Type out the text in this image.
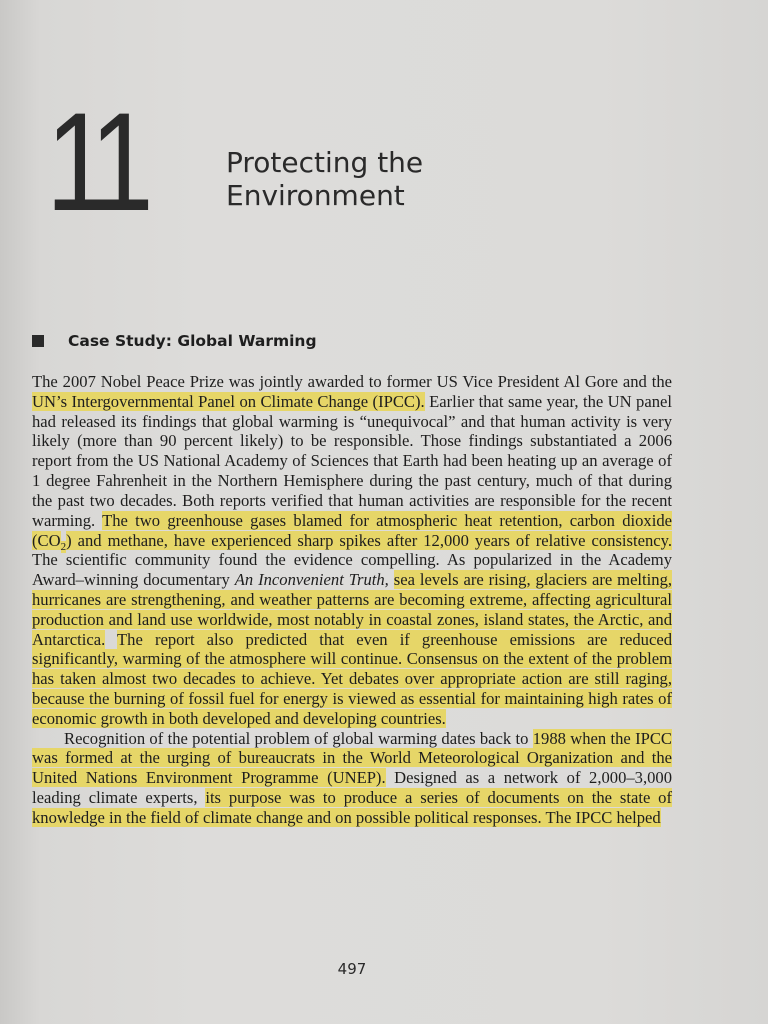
11	Protecting the
Environment
Case Study: Global Warming

The 2007 Nobel Peace Prize was jointly awarded to former US Vice President Al Gore and the UN’s Intergovernmental Panel on Climate Change (IPCC). Earlier that same year, the UN panel had released its findings that global warming is “unequivocal” and that human activity is very likely (more than 90 percent likely) to be responsible. Those findings substantiated a 2006 report from the US National Academy of Sciences that Earth had been heating up an average of 1 degree Fahrenheit in the Northern Hemisphere during the past century, much of that during the past two decades. Both reports verified that human activities are responsible for the recent warming. The two greenhouse gases blamed for atmospheric heat retention, carbon dioxide $(CO_2)$ and methane, have experienced sharp spikes after 12,000 years of relative consistency. The scientific community found the evidence compelling. As popularized in the Academy Award–winning documentary An Inconvenient Truth, sea levels are rising, glaciers are melting, hurricanes are strengthening, and weather patterns are becoming extreme, affecting agricultural production and land use worldwide, most notably in coastal zones, island states, the Arctic, and Antarctica. The report also predicted that even if greenhouse emissions are reduced significantly, warming of the atmosphere will continue. Consensus on the extent of the problem has taken almost two decades to achieve. Yet debates over appropriate action are still raging, because the burning of fossil fuel for energy is viewed as essential for maintaining high rates of economic growth in both developed and developing countries.

Recognition of the potential problem of global warming dates back to 1988 when the IPCC was formed at the urging of bureaucrats in the World Meteorological Organization and the United Nations Environment Programme (UNEP). Designed as a network of 2,000–3,000 leading climate experts, its purpose was to produce a series of documents on the state of knowledge in the field of climate change and on possible political responses. The IPCC helped

497
